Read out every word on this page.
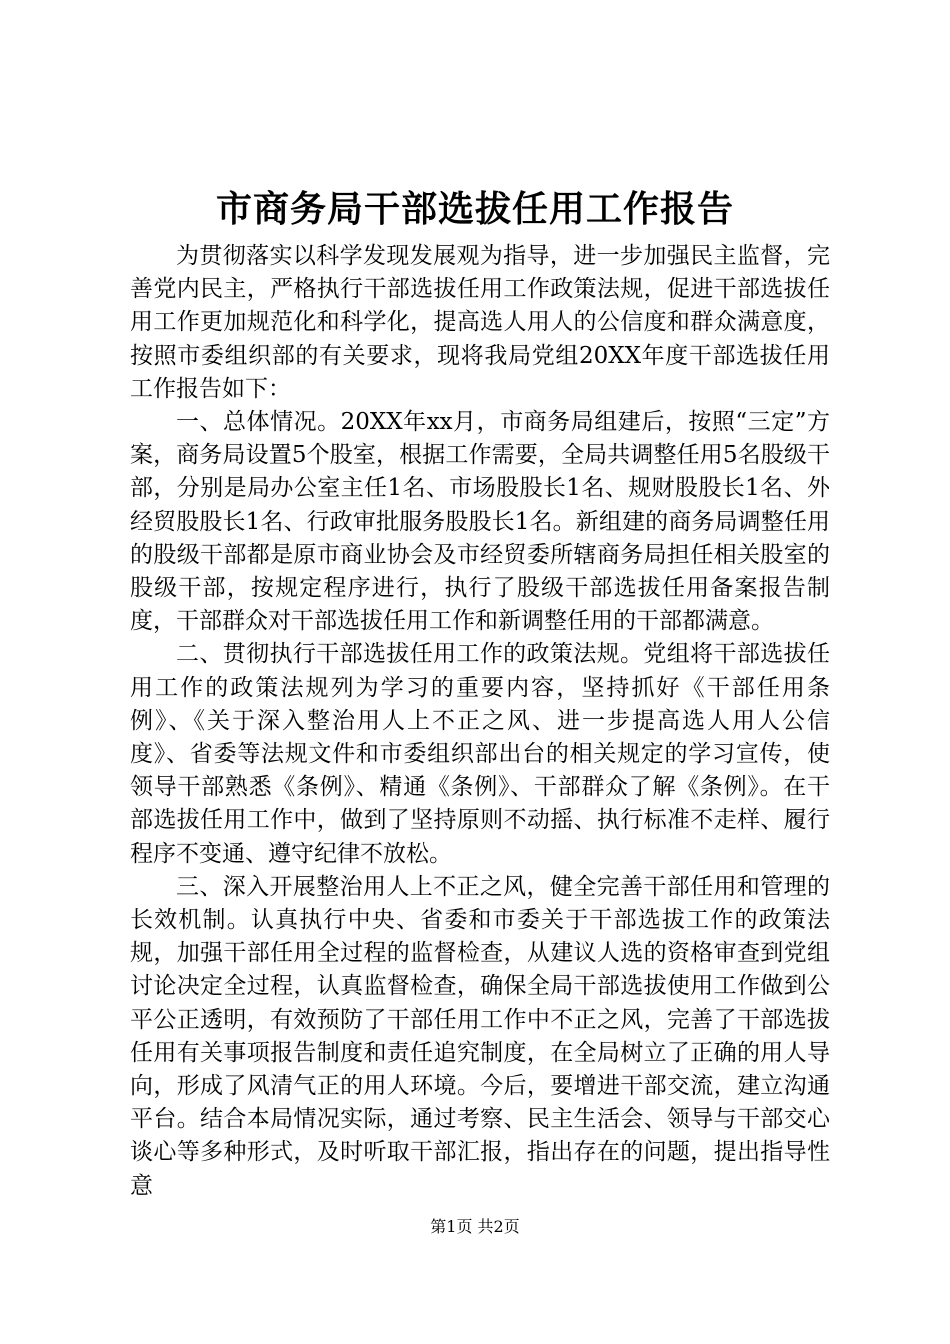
市商务局干部选拔任用工作报告

为贯彻落实以科学发现发展观为指导，进一步加强民主监督，完善党内民主，严格执行干部选拔任用工作政策法规，促进干部选拔任用工作更加规范化和科学化，提高选人用人的公信度和群众满意度，按照市委组织部的有关要求，现将我局党组20XX年度干部选拔任用工作报告如下：

一、总体情况。20XX年xx月，市商务局组建后，按照“三定”方案，商务局设置5个股室，根据工作需要，全局共调整任用5名股级干部，分别是局办公室主任1名、市场股股长1名、规财股股长1名、外经贸股股长1名、行政审批服务股股长1名。新组建的商务局调整任用的股级干部都是原市商业协会及市经贸委所辖商务局担任相关股室的股级干部，按规定程序进行，执行了股级干部选拔任用备案报告制度，干部群众对干部选拔任用工作和新调整任用的干部都满意。

二、贯彻执行干部选拔任用工作的政策法规。党组将干部选拔任用工作的政策法规列为学习的重要内容，坚持抓好《干部任用条例》、《关于深入整治用人上不正之风、进一步提高选人用人公信度》、省委等法规文件和市委组织部出台的相关规定的学习宣传，使领导干部熟悉《条例》、精通《条例》、干部群众了解《条例》。在干部选拔任用工作中，做到了坚持原则不动摇、执行标准不走样、履行程序不变通、遵守纪律不放松。

三、深入开展整治用人上不正之风，健全完善干部任用和管理的长效机制。认真执行中央、省委和市委关于干部选拔工作的政策法规，加强干部任用全过程的监督检查，从建议人选的资格审查到党组讨论决定全过程，认真监督检查，确保全局干部选拔使用工作做到公平公正透明，有效预防了干部任用工作中不正之风，完善了干部选拔任用有关事项报告制度和责任追究制度，在全局树立了正确的用人导向，形成了风清气正的用人环境。今后，要增进干部交流，建立沟通平台。结合本局情况实际，通过考察、民主生活会、领导与干部交心谈心等多种形式，及时听取干部汇报，指出存在的问题，提出指导性意

第1页 共2页
